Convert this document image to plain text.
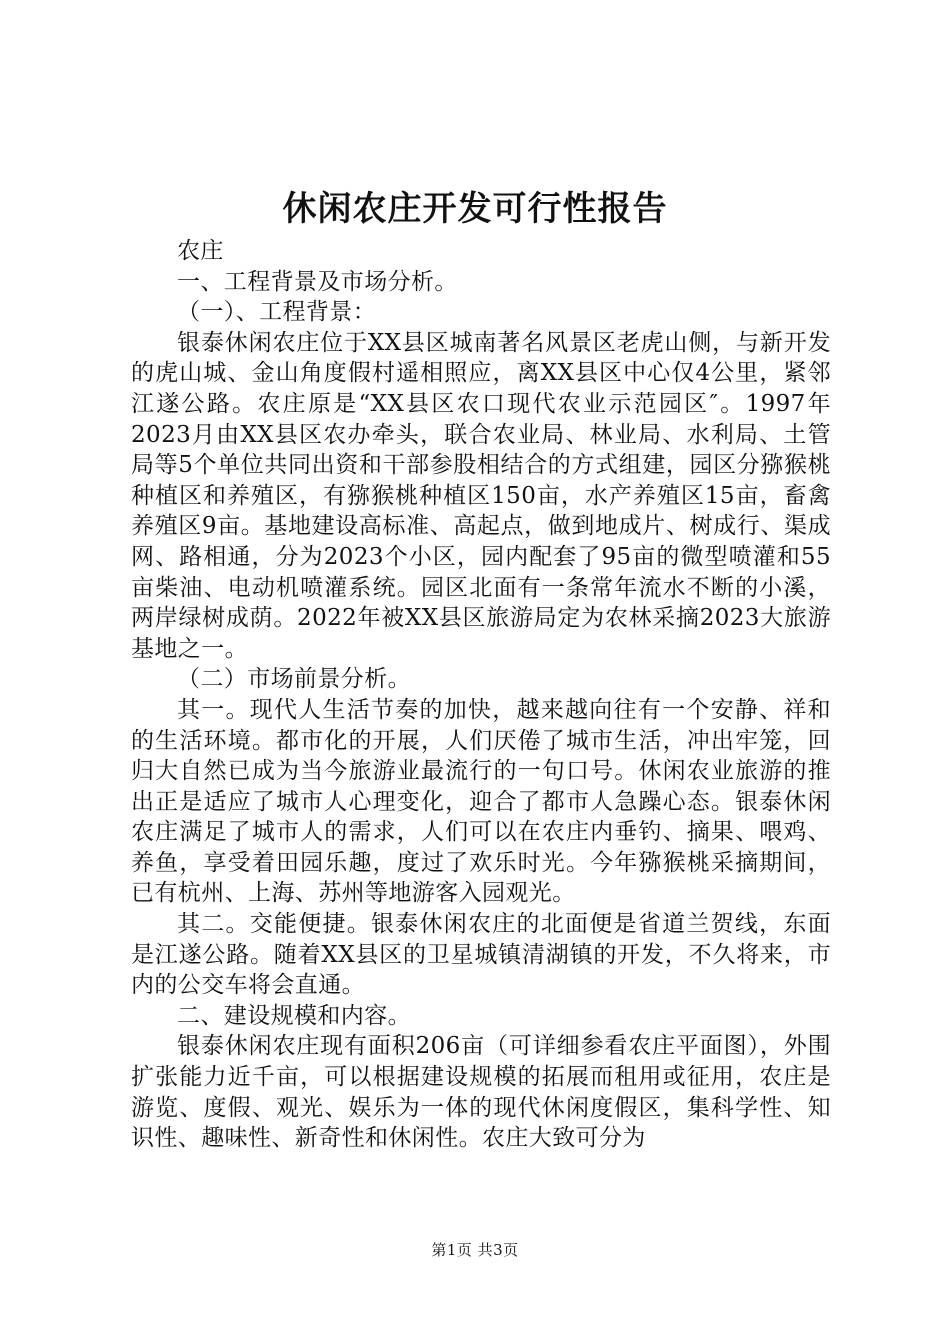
休闲农庄开发可行性报告

农庄

一、工程背景及市场分析。

（一）、工程背景：

银泰休闲农庄位于XX县区城南著名风景区老虎山侧，与新开发的虎山城、金山角度假村遥相照应，离XX县区中心仅4公里，紧邻江遂公路。农庄原是“XX县区农口现代农业示范园区″。1997年2023月由XX县区农办牵头，联合农业局、林业局、水利局、土管局等5个单位共同出资和干部参股相结合的方式组建，园区分猕猴桃种植区和养殖区，有猕猴桃种植区150亩，水产养殖区15亩，畜禽养殖区9亩。基地建设高标准、高起点，做到地成片、树成行、渠成网、路相通，分为2023个小区，园内配套了95亩的微型喷灌和55亩柴油、电动机喷灌系统。园区北面有一条常年流水不断的小溪，两岸绿树成荫。2022年被XX县区旅游局定为农林采摘2023大旅游基地之一。

（二）市场前景分析。

其一。现代人生活节奏的加快，越来越向往有一个安静、祥和的生活环境。都市化的开展，人们厌倦了城市生活，冲出牢笼，回归大自然已成为当今旅游业最流行的一句口号。休闲农业旅游的推出正是适应了城市人心理变化，迎合了都市人急躁心态。银泰休闲农庄满足了城市人的需求，人们可以在农庄内垂钓、摘果、喂鸡、养鱼，享受着田园乐趣，度过了欢乐时光。今年猕猴桃采摘期间，已有杭州、上海、苏州等地游客入园观光。

其二。交能便捷。银泰休闲农庄的北面便是省道兰贺线，东面是江遂公路。随着XX县区的卫星城镇清湖镇的开发，不久将来，市内的公交车将会直通。

二、建设规模和内容。

银泰休闲农庄现有面积206亩（可详细参看农庄平面图），外围扩张能力近千亩，可以根据建设规模的拓展而租用或征用，农庄是游览、度假、观光、娱乐为一体的现代休闲度假区，集科学性、知识性、趣味性、新奇性和休闲性。农庄大致可分为

第1页 共3页
